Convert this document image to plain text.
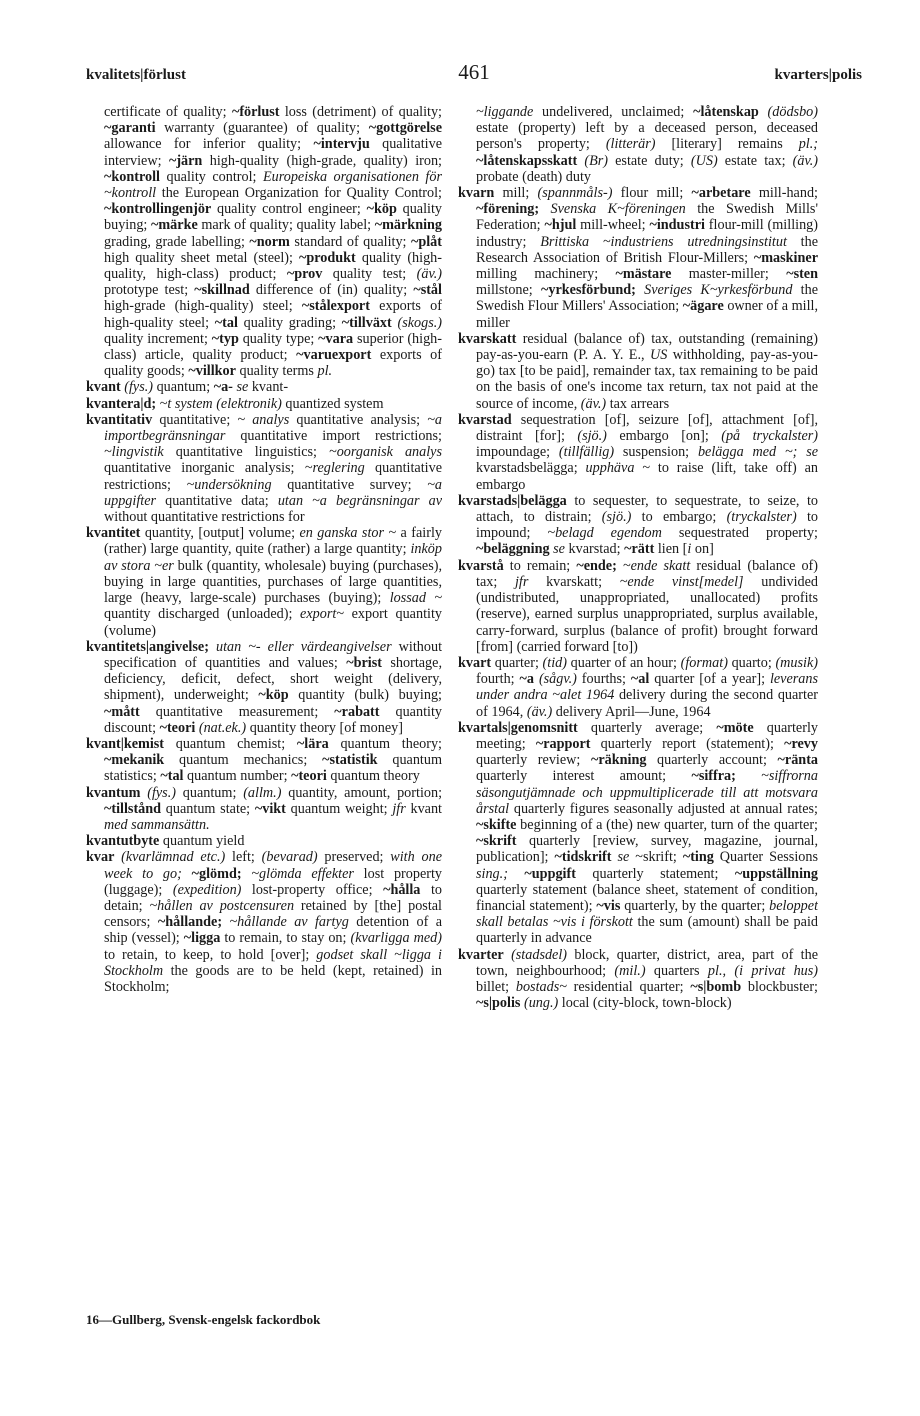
kvalitets|förlust	461	kvarters|polis

certificate of quality; ~förlust loss (detriment) of quality; ~garanti warranty (guarantee) of quality; ~gottgörelse allowance for inferior quality; ~intervju qualitative interview; ~järn high-quality (high-grade, quality) iron; ~kontroll quality control; Europeiska organisationen för ~kontroll the European Organization for Quality Control; ~kontrollingenjör quality control engineer; ~köp quality buying; ~märke mark of quality; quality label; ~märkning grading, grade labelling; ~norm standard of quality; ~plåt high quality sheet metal (steel); ~produkt quality (high-quality, high-class) product; ~prov quality test; (äv.) prototype test; ~skillnad difference of (in) quality; ~stål high-grade (high-quality) steel; ~stålexport exports of high-quality steel; ~tal quality grading; ~tillväxt (skogs.) quality increment; ~typ quality type; ~vara superior (high-class) article, quality product; ~varuexport exports of quality goods; ~villkor quality terms pl.

kvant (fys.) quantum; ~a- se kvant-

kvantera|d; ~t system (elektronik) quantized system

kvantitativ quantitative; ~ analys quantitative analysis; ~a importbegränsningar quantitative import restrictions; ~lingvistik quantitative linguistics; ~oorganisk analys quantitative inorganic analysis; ~reglering quantitative restrictions; ~undersökning quantitative survey; ~a uppgifter quantitative data; utan ~a begränsningar av without quantitative restrictions for

kvantitet quantity, [output] volume; en ganska stor ~ a fairly (rather) large quantity, quite (rather) a large quantity; inköp av stora ~er bulk (quantity, wholesale) buying (purchases), buying in large quantities, purchases of large quantities, large (heavy, large-scale) purchases (buying); lossad ~ quantity discharged (unloaded); export~ export quantity (volume)

kvantitets|angivelse; utan ~- eller värdeangivelser without specification of quantities and values; ~brist shortage, deficiency, deficit, defect, short weight (delivery, shipment), underweight; ~köp quantity (bulk) buying; ~mått quantitative measurement; ~rabatt quantity discount; ~teori (nat.ek.) quantity theory [of money]

kvant|kemist quantum chemist; ~lära quantum theory; ~mekanik quantum mechanics; ~statistik quantum statistics; ~tal quantum number; ~teori quantum theory

kvantum (fys.) quantum; (allm.) quantity, amount, portion; ~tillstånd quantum state; ~vikt quantum weight; jfr kvant med sammansättn.

kvantutbyte quantum yield

kvar (kvarlämnad etc.) left; (bevarad) preserved; with one week to go; ~glömd; ~glömda effekter lost property (luggage); (expedition) lost-property office; ~hålla to detain; ~hållen av postcensuren retained by [the] postal censors; ~hållande; ~hållande av fartyg detention of a ship (vessel); ~ligga to remain, to stay on; (kvarligga med) to retain, to keep, to hold [over]; godset skall ~ligga i Stockholm the goods are to be held (kept, retained) in Stockholm;

~liggande undelivered, unclaimed; ~låtenskap (dödsbo) estate (property) left by a deceased person, deceased person's property; (litterär) [literary] remains pl.; ~låtenskapsskatt (Br) estate duty; (US) estate tax; (äv.) probate (death) duty

kvarn mill; (spannmåls-) flour mill; ~arbetare mill-hand; ~förening; Svenska K~föreningen the Swedish Mills' Federation; ~hjul mill-wheel; ~industri flour-mill (milling) industry; Brittiska ~industriens utredningsinstitut the Research Association of British Flour-Millers; ~maskiner milling machinery; ~mästare master-miller; ~sten millstone; ~yrkesförbund; Sveriges K~yrkesförbund the Swedish Flour Millers' Association; ~ägare owner of a mill, miller

kvarskatt residual (balance of) tax, outstanding (remaining) pay-as-you-earn (P. A. Y. E., US withholding, pay-as-you-go) tax [to be paid], remainder tax, tax remaining to be paid on the basis of one's income tax return, tax not paid at the source of income, (äv.) tax arrears

kvarstad sequestration [of], seizure [of], attachment [of], distraint [for]; (sjö.) embargo [on]; (på tryckalster) impoundage; (tillfällig) suspension; belägga med ~; se kvarstadsbelägga; upphäva ~ to raise (lift, take off) an embargo

kvarstads|belägga to sequester, to sequestrate, to seize, to attach, to distrain; (sjö.) to embargo; (tryckalster) to impound; ~belagd egendom sequestrated property; ~beläggning se kvarstad; ~rätt lien [i on]

kvarstå to remain; ~ende; ~ende skatt residual (balance of) tax; jfr kvarskatt; ~ende vinst[medel] undivided (undistributed, unappropriated, unallocated) profits (reserve), earned surplus unappropriated, surplus available, carry-forward, surplus (balance of profit) brought forward [from] (carried forward [to])

kvart quarter; (tid) quarter of an hour; (format) quarto; (musik) fourth; ~a (sågv.) fourths; ~al quarter [of a year]; leverans under andra ~alet 1964 delivery during the second quarter of 1964, (äv.) delivery April—June, 1964

kvartals|genomsnitt quarterly average; ~möte quarterly meeting; ~rapport quarterly report (statement); ~revy quarterly review; ~räkning quarterly account; ~ränta quarterly interest amount; ~siffra; ~siffrorna säsongutjämnade och uppmultiplicerade till att motsvara årstal quarterly figures seasonally adjusted at annual rates; ~skifte beginning of a (the) new quarter, turn of the quarter; ~skrift quarterly [review, survey, magazine, journal, publication]; ~tidskrift se ~skrift; ~ting Quarter Sessions sing.; ~uppgift quarterly statement; ~uppställning quarterly statement (balance sheet, statement of condition, financial statement); ~vis quarterly, by the quarter; beloppet skall betalas ~vis i förskott the sum (amount) shall be paid quarterly in advance

kvarter (stadsdel) block, quarter, district, area, part of the town, neighbourhood; (mil.) quarters pl., (i privat hus) billet; bostads~ residential quarter; ~s|bomb blockbuster; ~s|polis (ung.) local (city-block, town-block)

16—Gullberg, Svensk-engelsk fackordbok
